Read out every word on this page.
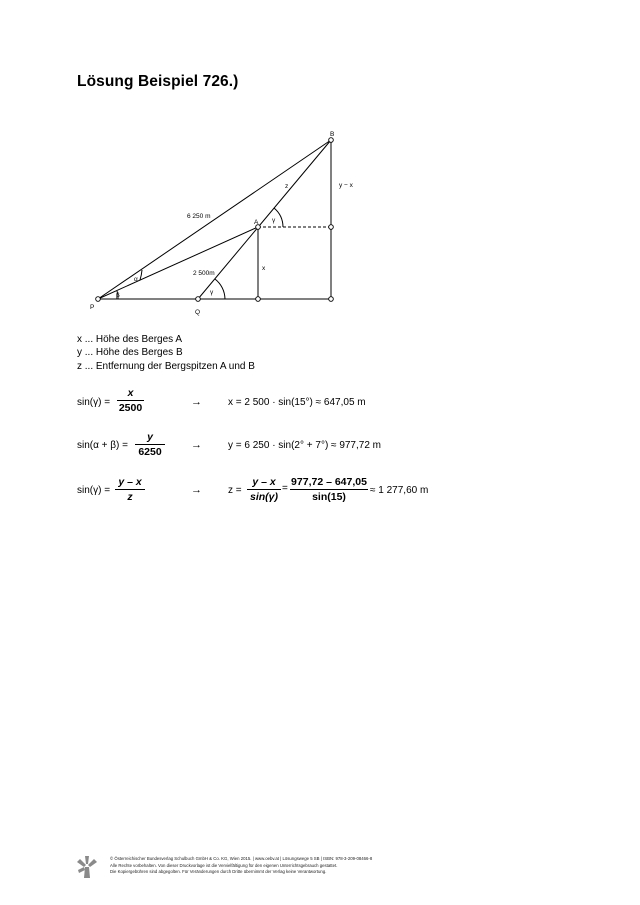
Lösung Beispiel 726.)
B
A
P
Q
z	y − x
x
6 250 m
2 500m
γ
γ
α
β
x ... Höhe des Berges A
y ... Höhe des Berges B
z ... Entfernung der Bergspitzen A und B
sin(γ) =
x
2500	→	x = 2 500 · sin(15°) ≈ 647,05 m
sin(α + β) =
y
6250
→	y = 6 250 · sin(2° + 7°) ≈ 977,72 m
sin(γ) =
y – x
z
→	z =
y – x
sin(γ)
=
977,72 – 647,05
sin(15)
≈ 1 277,60 m
© Österreichischer Bundesverlag Schulbuch GmbH & Co. KG, Wien 2015. | www.oebv.at | Lösungswege 5 SB | ISBN: 978-3-209-08466-8
Alle Rechte vorbehalten. Von dieser Druckvorlage ist die Vervielfältigung für den eigenen Unterrichtsgebrauch gestattet.
Die Kopiergebühren sind abgegolten. Für Veränderungen durch Dritte übernimmt der Verlag keine Verantwortung.
